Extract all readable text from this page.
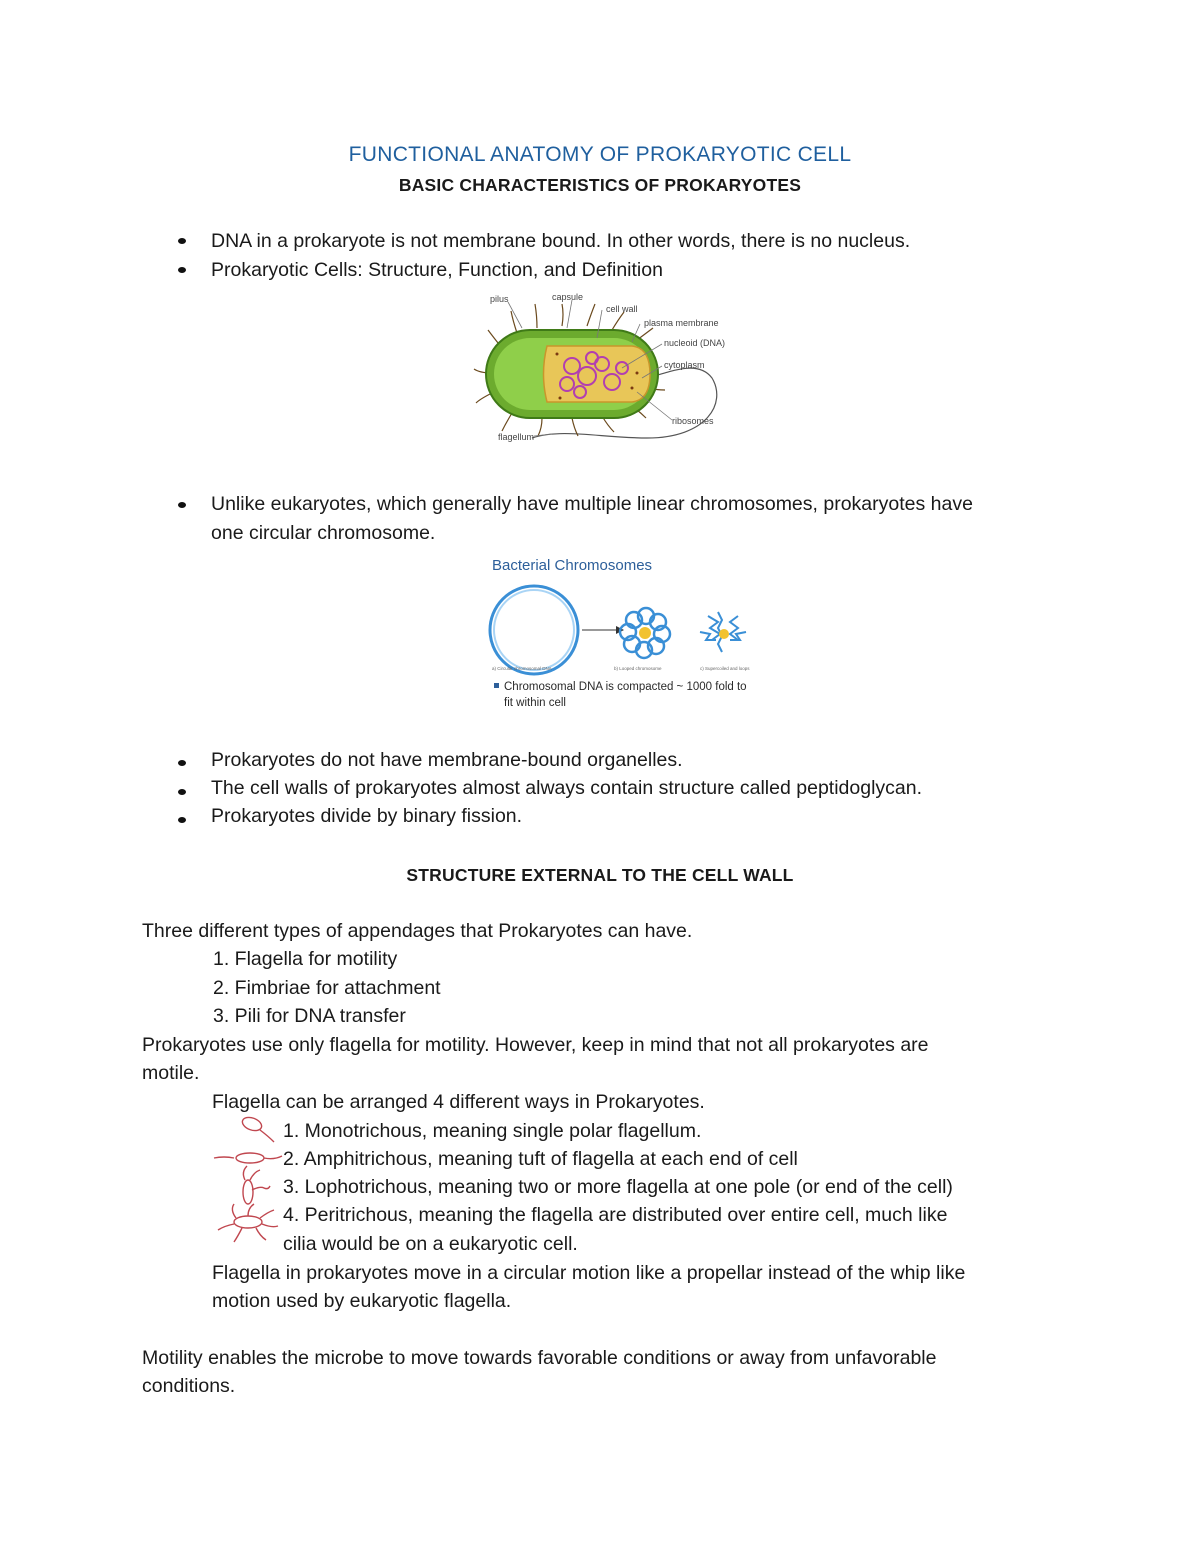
FUNCTIONAL ANATOMY OF PROKARYOTIC CELL
BASIC CHARACTERISTICS OF PROKARYOTES
DNA in a prokaryote is not membrane bound. In other words, there is no nucleus.
Prokaryotic Cells: Structure, Function, and Definition
pilus	capsule
cell wall
plasma membrane
nucleoid (DNA)
cytoplasm
ribosomes
flagellum
Unlike eukaryotes, which generally have multiple linear chromosomes, prokaryotes have
one circular chromosome.
Bacterial Chromosomes
a) Circular chromosomal DNA	b) Looped chromosome	c) Supercoiled and loops
Chromosomal DNA is compacted ~ 1000 fold to
fit within cell
Prokaryotes do not have membrane-bound organelles.
The cell walls of prokaryotes almost always contain structure called peptidoglycan.
Prokaryotes divide by binary fission.
STRUCTURE EXTERNAL TO THE CELL WALL
Three different types of appendages that Prokaryotes can have.
1. Flagella for motility
2. Fimbriae for attachment
3. Pili for DNA transfer
Prokaryotes use only flagella for motility. However, keep in mind that not all prokaryotes are
motile.
Flagella can be arranged 4 different ways in Prokaryotes.
1. Monotrichous, meaning single polar flagellum.
2. Amphitrichous, meaning tuft of flagella at each end of cell
3. Lophotrichous, meaning two or more flagella at one pole (or end of the cell)
4. Peritrichous, meaning the flagella are distributed over entire cell, much like
cilia would be on a eukaryotic cell.
Flagella in prokaryotes move in a circular motion like a propellar instead of the whip like
motion used by eukaryotic flagella.
Motility enables the microbe to move towards favorable conditions or away from unfavorable
conditions.
